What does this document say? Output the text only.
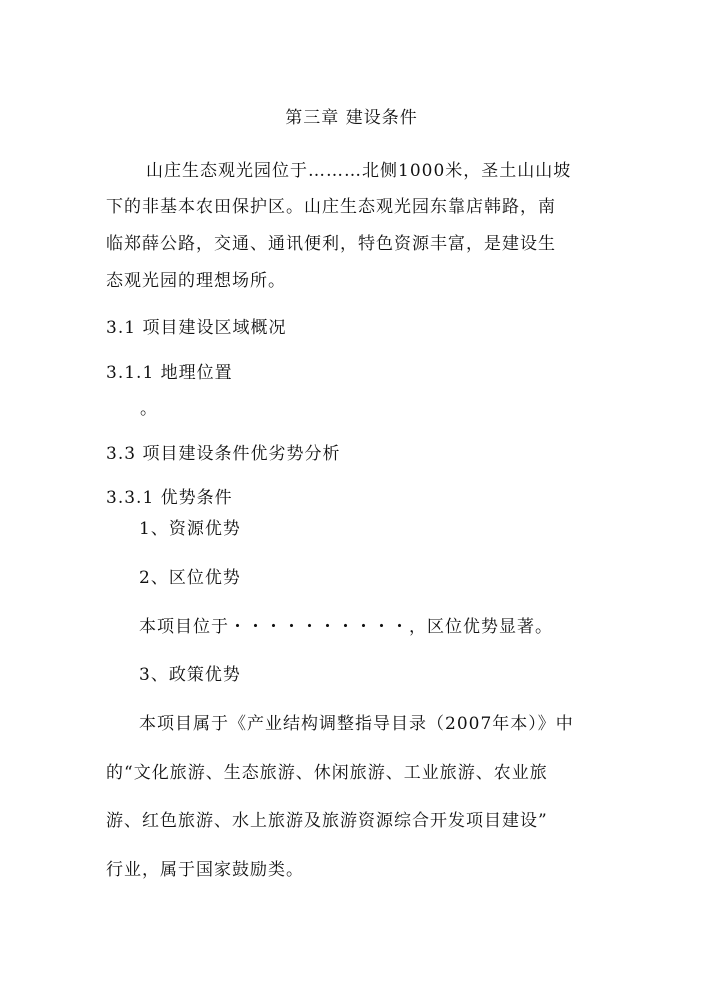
第三章 建设条件
山庄生态观光园位于………北侧1000米，圣土山山坡
下的非基本农田保护区。山庄生态观光园东靠店韩路，南
临郑薛公路，交通、通讯便利，特色资源丰富，是建设生
态观光园的理想场所。
3.1 项目建设区域概况
3.1.1 地理位置
。
3.3 项目建设条件优劣势分析
3.3.1 优势条件
1、资源优势
2、区位优势
本项目位于・・・・・・・・・・，区位优势显著。
3、政策优势
本项目属于《产业结构调整指导目录（2007年本）》中
的“文化旅游、生态旅游、休闲旅游、工业旅游、农业旅
游、红色旅游、水上旅游及旅游资源综合开发项目建设”
行业，属于国家鼓励类。
